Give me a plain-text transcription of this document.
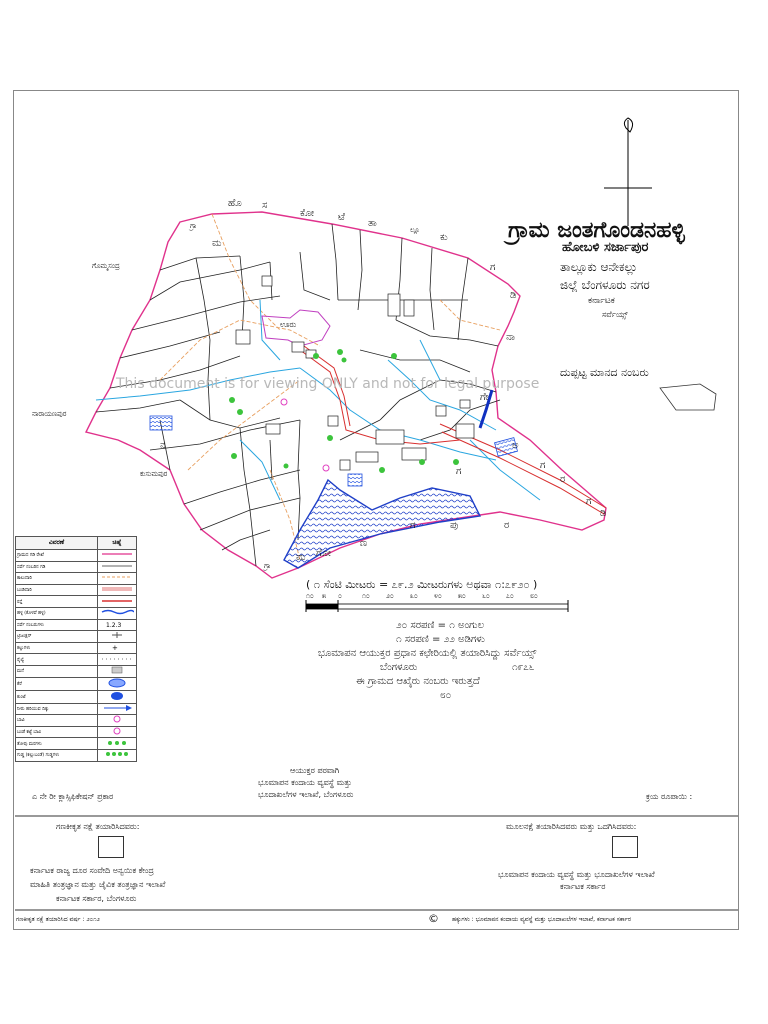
ಗ್ರಾಮ ಜಂತಗೊಂಡನಹಳ್ಳಿ
ಹೋಬಳಿ ಸರ್ಜಾಪುರ
ತಾಲ್ಲೂಕು ಆನೇಕಲ್ಲು
ಜಿಲ್ಲೆ ಬೆಂಗಳೂರು ನಗರ
ಕರ್ನಾಟಕ
ಸರ್ವೆಯ್ಸ್
ದುಪ್ಪಟ್ಟ ಮಾನದ ನಂಬರು
This document is for viewing ONLY and not for legal purpose
ಊರು
ಗ್ರಾ
ಮ
ಹೊ ಸ
ಕೋ ಟೆ
ತಾ
ಲ್ಲೂ
ಕು
ಗೊಮ್ಮಸಂದ್ರ
ನಾರಾಯಣಪುರ
ಗ
ಡಿ
ನಾ
ಗೇ
ಅ
ಗ
ರ
ಗ
ಡಿ
ಗ್ರಾ
ಮ ಗೋ
ಣ
ಗ
ಕುಸುಮಪುರ
ನ
ಗ
ಪು	ರ
( ೧ ಸೆಂಟಿ ಮೀಟರು = ೭೯.೨ ಮೀಟರುಗಳು ಅಥವಾ ೧:೭೯೨೦ )
೧೦ ೫ ೦	೧೦ ೨೦ ೩೦ ೪೦ ೫೦ ೬೦ ೭೦ ೮೦
೨೦ ಸರಪಣಿ = ೧ ಅಂಗುಲ
೧ ಸರಪಣಿ = ೨೨ ಅಡಿಗಳು
ಭೂಮಾಪನ ಆಯುಕ್ತರ ಪ್ರಧಾನ ಕಛೇರಿಯಲ್ಲಿ ತಯಾರಿಸಿದ್ದು ಸರ್ವೆಯ್ಸ್
ಬೆಂಗಳೂರು	೧೯೭೬
ಈ ಗ್ರಾಮದ ಆಖೈರು ನಂಬರು ಇರುತ್ತದೆ
೮೦
ವಿವರಣೆ	ಚಿಹ್ನೆ
ಗ್ರಾಮದ ಗಡಿ ರೇಖೆ	
ಸರ್ವೆ ನಂಬರಿನ ಗಡಿ	
ಕಾಲುದಾರಿ	
ಬಂಡಿದಾರಿ	
ರಸ್ತೆ	
ಹಳ್ಳ (ಕೊಳವೆ ಹಳ್ಳ)	
ಸರ್ವೆ ನಂಬರುಗಳು	1.2.3

ಟ್ರಿಜಂಕ್ಷನ್	
ಕಲ್ಲುಗಳು	+

ರೈಲ್ವೆ	
ಮನೆ	
ಕೆರೆ	
ಕುಂಟೆ	
ನೀರು ಹರಿಯುವ ದಿಕ್ಕು	
ಬಾವಿ	
ಬಂಡೆ ಕಟ್ಟೆ ಬಾವಿ	
ತೋಪು ಮರಗಳು	
ಗುಡ್ಡ (ಕಲ್ಲುಬಂಡೆ) ಗುಡ್ಡಗಳು	
ಎ ನೇ ರೀ ಕ್ಲಾಸ್ಸಿಫಿಕೇಷನ್ ಪ್ರಕಾರ
ಆಯುಕ್ತರ ಪರವಾಗಿ
ಭೂಮಾಪನ ಕಂದಾಯ ವ್ಯವಸ್ಥೆ ಮತ್ತು
ಭೂದಾಖಲೆಗಳ ಇಲಾಖೆ, ಬೆಂಗಳೂರು	ಕ್ರಯ ರೂಪಾಯಿ :
ಗಣಕೀಕೃತ ನಕ್ಷೆ ತಯಾರಿಸಿದವರು:
ಕರ್ನಾಟಕ ರಾಜ್ಯ ದೂರ ಸಂವೇದಿ ಅನ್ವಯಿಕ ಕೇಂದ್ರ
ಮಾಹಿತಿ ತಂತ್ರಜ್ಞಾನ ಮತ್ತು ಜೈವಿಕ ತಂತ್ರಜ್ಞಾನ ಇಲಾಖೆ
ಕರ್ನಾಟಕ ಸರ್ಕಾರ, ಬೆಂಗಳೂರು
ಮೂಲನಕ್ಷೆ ತಯಾರಿಸಿದವರು ಮತ್ತು ಒದಗಿಸಿದವರು:
ಭೂಮಾಪನ ಕಂದಾಯ ವ್ಯವಸ್ಥೆ ಮತ್ತು ಭೂದಾಖಲೆಗಳ ಇಲಾಖೆ
ಕರ್ನಾಟಕ ಸರ್ಕಾರ
ಗಣಕೀಕೃತ ನಕ್ಷೆ ತಯಾರಿಸಿದ ವರ್ಷ : ೨೦೧೨	© ಹಕ್ಕುಗಳು : ಭೂಮಾಪನ ಕಂದಾಯ ವ್ಯವಸ್ಥೆ ಮತ್ತು ಭೂದಾಖಲೆಗಳ ಇಲಾಖೆ, ಕರ್ನಾಟಕ ಸರ್ಕಾರ
